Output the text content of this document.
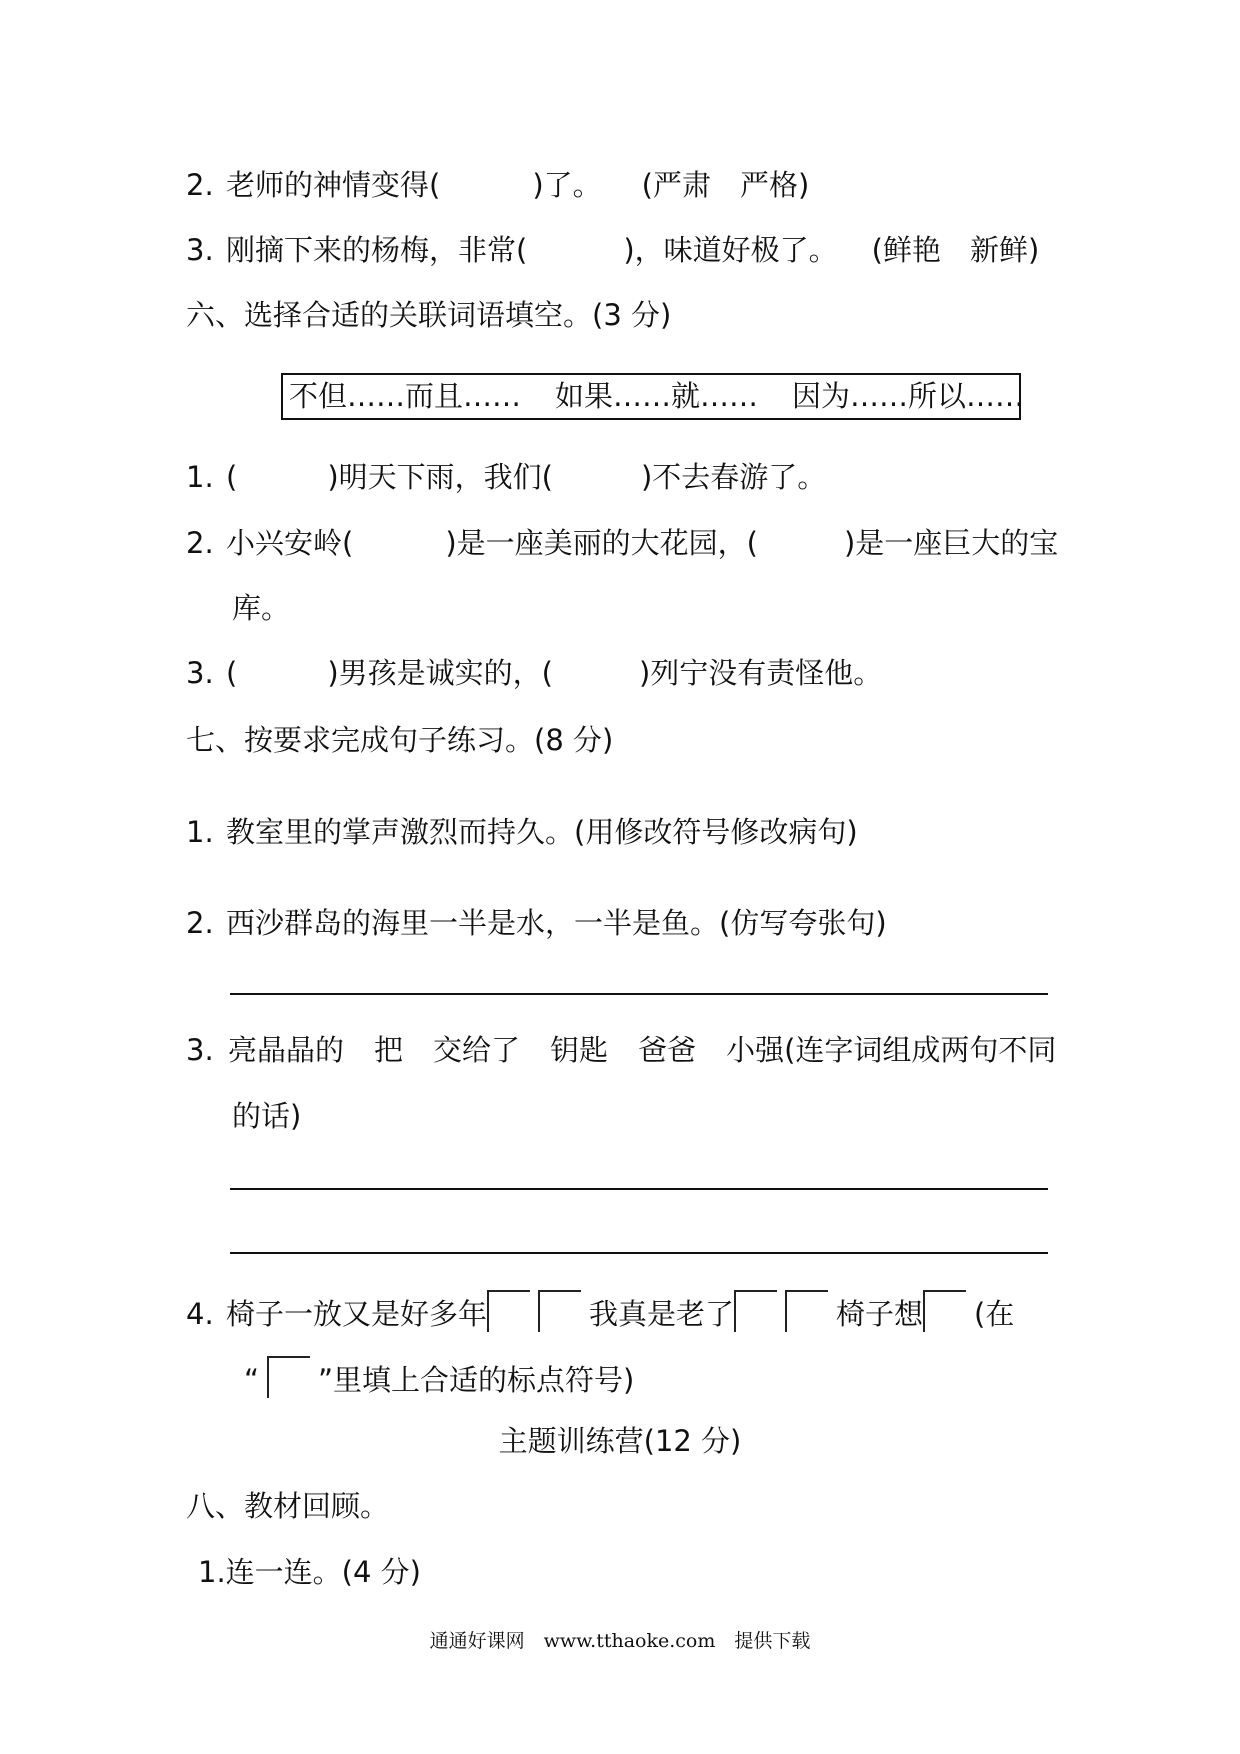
2. 老师的神情变得(	)了。 (严肃　严格)
3. 刚摘下来的杨梅，非常(	)，味道好极了。 (鲜艳　新鲜)
六、选择合适的关联词语填空。(3 分)
不但……而且…… 如果……就…… 因为……所以……
1. (	)明天下雨，我们(	)不去春游了。
2. 小兴安岭(	)是一座美丽的大花园，(	)是一座巨大的宝
库。
3. (	)男孩是诚实的，(	)列宁没有责怪他。
七、按要求完成句子练习。(8 分)
1. 教室里的掌声激烈而持久。(用修改符号修改病句)
2. 西沙群岛的海里一半是水，一半是鱼。(仿写夸张句)
3. 亮晶晶的 把 交给了 钥匙 爸爸 小强(连字词组成两句不同
的话)
4. 椅子一放又是好多年	我真是老了	椅子想 (在
“ ”里填上合适的标点符号)
主题训练营(12 分)
八、教材回顾。
1.连一连。(4 分)
通通好课网　www.tthaoke.com　提供下载
